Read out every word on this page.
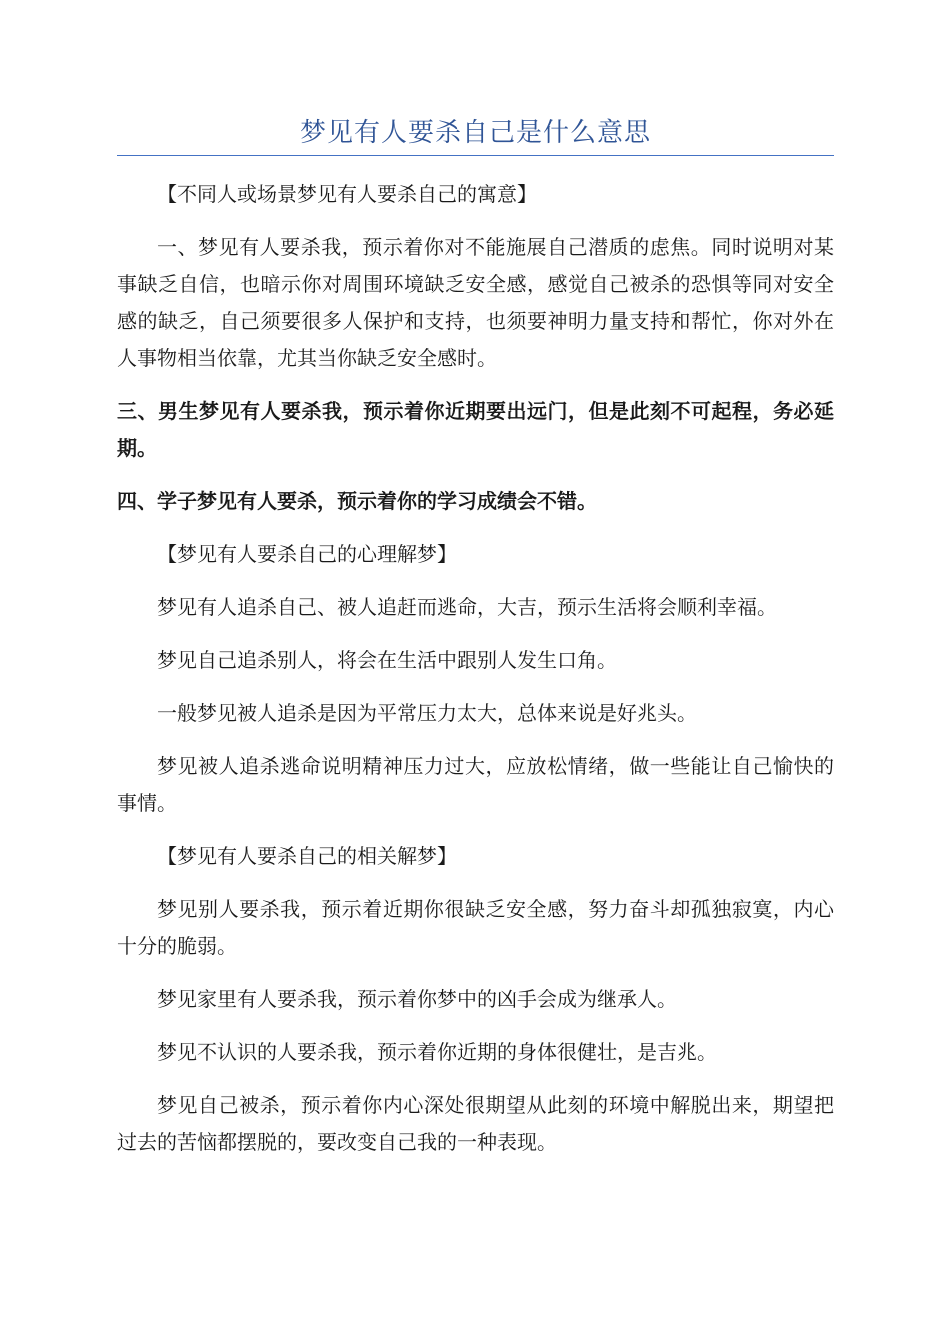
梦见有人要杀自己是什么意思

【不同人或场景梦见有人要杀自己的寓意】

一、梦见有人要杀我，预示着你对不能施展自己潜质的虑焦。同时说明对某事缺乏自信，也暗示你对周围环境缺乏安全感，感觉自己被杀的恐惧等同对安全感的缺乏，自己须要很多人保护和支持，也须要神明力量支持和帮忙，你对外在人事物相当依靠，尤其当你缺乏安全感时。

三、男生梦见有人要杀我，预示着你近期要出远门，但是此刻不可起程，务必延期。

四、学子梦见有人要杀，预示着你的学习成绩会不错。

【梦见有人要杀自己的心理解梦】

梦见有人追杀自己、被人追赶而逃命，大吉，预示生活将会顺利幸福。

梦见自己追杀别人，将会在生活中跟别人发生口角。

一般梦见被人追杀是因为平常压力太大，总体来说是好兆头。

梦见被人追杀逃命说明精神压力过大，应放松情绪，做一些能让自己愉快的事情。

【梦见有人要杀自己的相关解梦】

梦见别人要杀我，预示着近期你很缺乏安全感，努力奋斗却孤独寂寞，内心十分的脆弱。

梦见家里有人要杀我，预示着你梦中的凶手会成为继承人。

梦见不认识的人要杀我，预示着你近期的身体很健壮，是吉兆。

梦见自己被杀，预示着你内心深处很期望从此刻的环境中解脱出来，期望把过去的苦恼都摆脱的，要改变自己我的一种表现。
